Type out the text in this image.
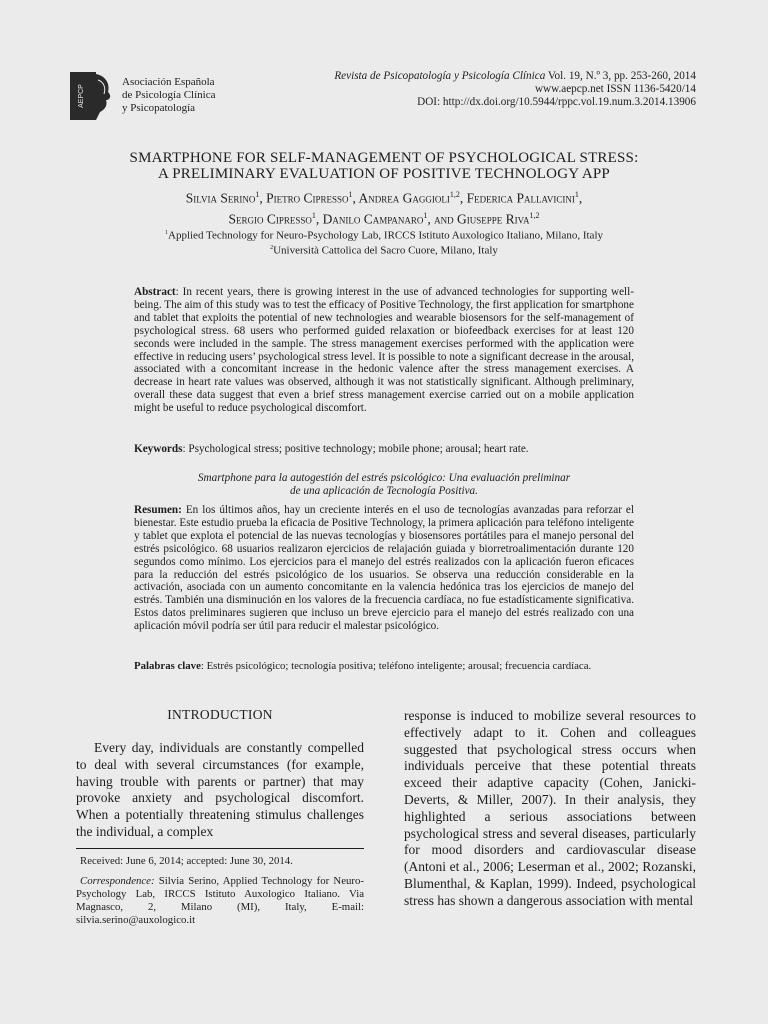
AEPCP
Asociación Española
de Psicología Clínica
y Psicopatología
Revista de Psicopatología y Psicología Clínica Vol. 19, N.º 3, pp. 253-260, 2014
www.aepcp.net ISSN 1136-5420/14
DOI: http://dx.doi.org/10.5944/rppc.vol.19.num.3.2014.13906
SMARTPHONE FOR SELF-MANAGEMENT OF PSYCHOLOGICAL STRESS:
A PRELIMINARY EVALUATION OF POSITIVE TECHNOLOGY APP
Silvia Serino$^1$, Pietro Cipresso$^1$, Andrea Gaggioli$^{1,2}$, Federica Pallavicini$^1$,
Sergio Cipresso$^1$, Danilo Campanaro$^1$, and Giuseppe Riva$^{1,2}$
$^1$Applied Technology for Neuro-Psychology Lab, IRCCS Istituto Auxologico Italiano, Milano, Italy
$^2$Università Cattolica del Sacro Cuore, Milano, Italy
Abstract: In recent years, there is growing interest in the use of advanced technologies for supporting well-being. The aim of this study was to test the efficacy of Positive Technology, the first application for smartphone and tablet that exploits the potential of new technologies and wearable biosensors for the self-management of psychological stress. 68 users who performed guided relaxation or biofeedback exercises for at least 120 seconds were included in the sample. The stress management exercises performed with the application were effective in reducing users’ psychological stress level. It is possible to note a significant decrease in the arousal, associated with a concomitant increase in the hedonic valence after the stress management exercises. A decrease in heart rate values was observed, although it was not statistically significant. Although preliminary, overall these data suggest that even a brief stress management exercise carried out on a mobile application might be useful to reduce psychological discomfort.
Keywords: Psychological stress; positive technology; mobile phone; arousal; heart rate.
Smartphone para la autogestión del estrés psicológico: Una evaluación preliminar
de una aplicación de Tecnología Positiva.
Resumen: En los últimos años, hay un creciente interés en el uso de tecnologías avanzadas para reforzar el bienestar. Este estudio prueba la eficacia de Positive Technology, la primera aplicación para teléfono inteligente y tablet que explota el potencial de las nuevas tecnologías y biosensores portátiles para el manejo personal del estrés psicológico. 68 usuarios realizaron ejercicios de relajación guiada y biorretroalimentación durante 120 segundos como mínimo. Los ejercicios para el manejo del estrés realizados con la aplicación fueron eficaces para la reducción del estrés psicológico de los usuarios. Se observa una reducción considerable en la activación, asociada con un aumento concomitante en la valencia hedónica tras los ejercicios de manejo del estrés. También una disminución en los valores de la frecuencia cardíaca, no fue estadísticamente significativa. Estos datos preliminares sugieren que incluso un breve ejercicio para el manejo del estrés realizado con una aplicación móvil podría ser útil para reducir el malestar psicológico.
Palabras clave: Estrés psicológico; tecnología positiva; teléfono inteligente; arousal; frecuencia cardíaca.
INTRODUCTION
Every day, individuals are constantly compelled to deal with several circumstances (for example, having trouble with parents or partner) that may provoke anxiety and psychological discomfort. When a potentially threatening stimulus challenges the individual, a complex
response is induced to mobilize several resources to effectively adapt to it. Cohen and colleagues suggested that psychological stress occurs when individuals perceive that these potential threats exceed their adaptive capacity (Cohen, Janicki-Deverts, & Miller, 2007). In their analysis, they highlighted a serious associations between psychological stress and several diseases, particularly for mood disorders and cardiovascular disease (Antoni et al., 2006; Leserman et al., 2002; Rozanski, Blumenthal, & Kaplan, 1999). Indeed, psychological stress has shown a dangerous association with mental
Received: June 6, 2014; accepted: June 30, 2014.
Correspondence: Silvia Serino, Applied Technology for Neuro-Psychology Lab, IRCCS Istituto Auxologico Italiano. Via Magnasco, 2, Milano (MI), Italy, E-mail: silvia.serino@auxologico.it
